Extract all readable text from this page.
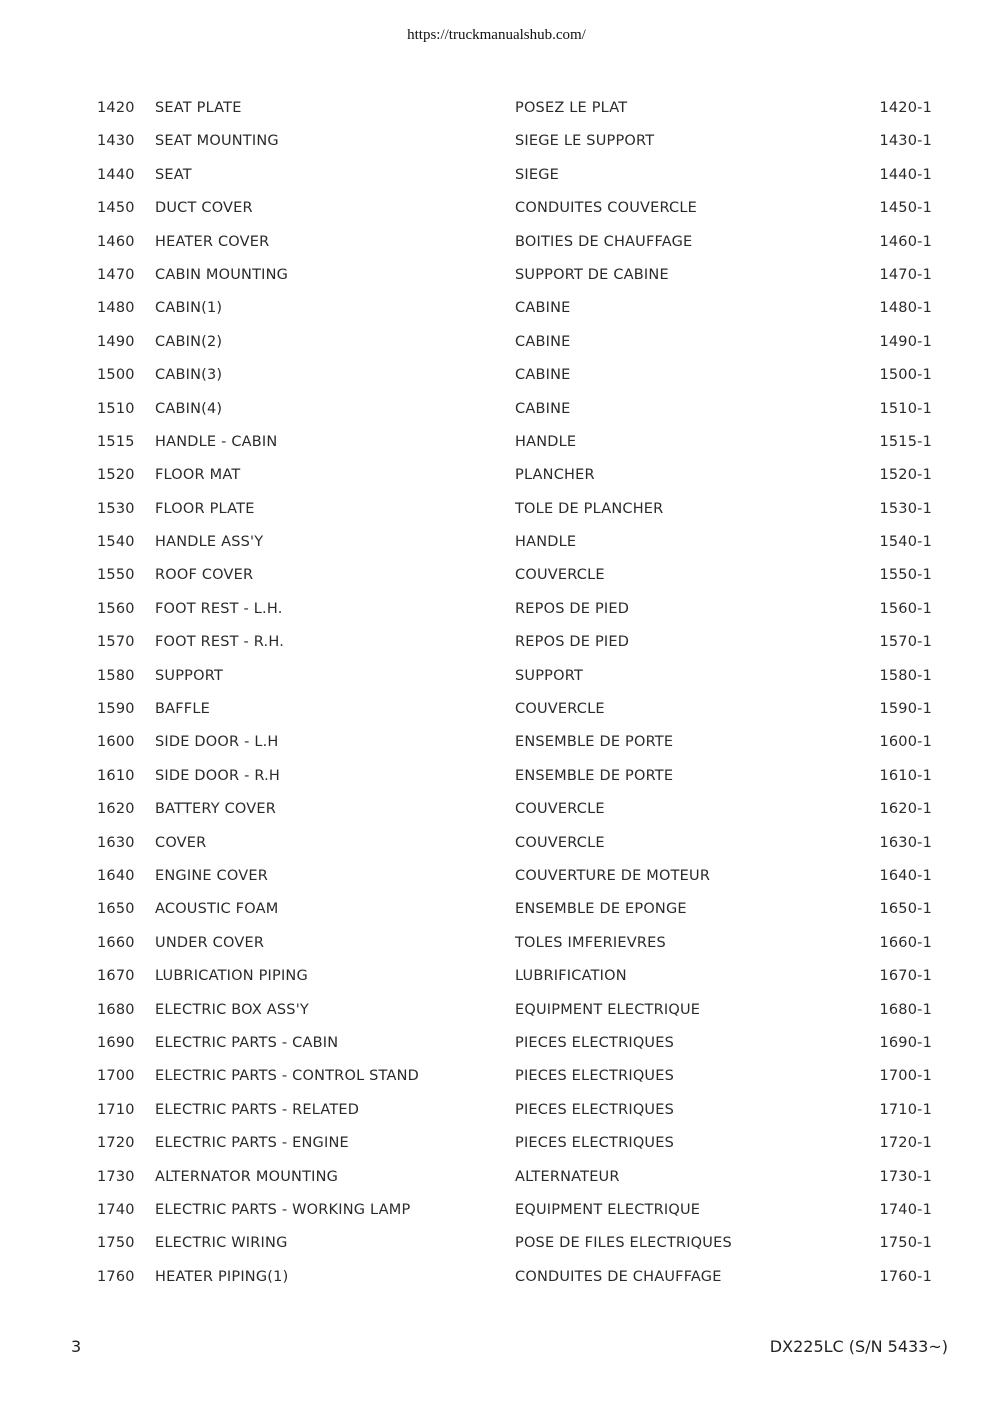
https://truckmanualshub.com/
1420 SEAT PLATE	POSEZ LE PLAT	1420-1
1430 SEAT MOUNTING	SIEGE LE SUPPORT	1430-1
1440 SEAT	SIEGE	1440-1
1450 DUCT COVER	CONDUITES COUVERCLE	1450-1
1460 HEATER COVER	BOITIES DE CHAUFFAGE	1460-1
1470 CABIN MOUNTING	SUPPORT DE CABINE	1470-1
1480 CABIN(1)	CABINE	1480-1
1490 CABIN(2)	CABINE	1490-1
1500 CABIN(3)	CABINE	1500-1
1510 CABIN(4)	CABINE	1510-1
1515 HANDLE - CABIN	HANDLE	1515-1
1520 FLOOR MAT	PLANCHER	1520-1
1530 FLOOR PLATE	TOLE DE PLANCHER	1530-1
1540 HANDLE ASS'Y	HANDLE	1540-1
1550 ROOF COVER	COUVERCLE	1550-1
1560 FOOT REST - L.H.	REPOS DE PIED	1560-1
1570 FOOT REST - R.H.	REPOS DE PIED	1570-1
1580 SUPPORT	SUPPORT	1580-1
1590 BAFFLE	COUVERCLE	1590-1
1600 SIDE DOOR - L.H	ENSEMBLE DE PORTE	1600-1
1610 SIDE DOOR - R.H	ENSEMBLE DE PORTE	1610-1
1620 BATTERY COVER	COUVERCLE	1620-1
1630 COVER	COUVERCLE	1630-1
1640 ENGINE COVER	COUVERTURE DE MOTEUR	1640-1
1650 ACOUSTIC FOAM	ENSEMBLE DE EPONGE	1650-1
1660 UNDER COVER	TOLES IMFERIEVRES	1660-1
1670 LUBRICATION PIPING	LUBRIFICATION	1670-1
1680 ELECTRIC BOX ASS'Y	EQUIPMENT ELECTRIQUE	1680-1
1690 ELECTRIC PARTS - CABIN	PIECES ELECTRIQUES	1690-1
1700 ELECTRIC PARTS - CONTROL STAND	PIECES ELECTRIQUES	1700-1
1710 ELECTRIC PARTS - RELATED	PIECES ELECTRIQUES	1710-1
1720 ELECTRIC PARTS - ENGINE	PIECES ELECTRIQUES	1720-1
1730 ALTERNATOR MOUNTING	ALTERNATEUR	1730-1
1740 ELECTRIC PARTS - WORKING LAMP	EQUIPMENT ELECTRIQUE	1740-1
1750 ELECTRIC WIRING	POSE DE FILES ELECTRIQUES	1750-1
1760 HEATER PIPING(1)	CONDUITES DE CHAUFFAGE	1760-1
3	DX225LC (S/N 5433~)
